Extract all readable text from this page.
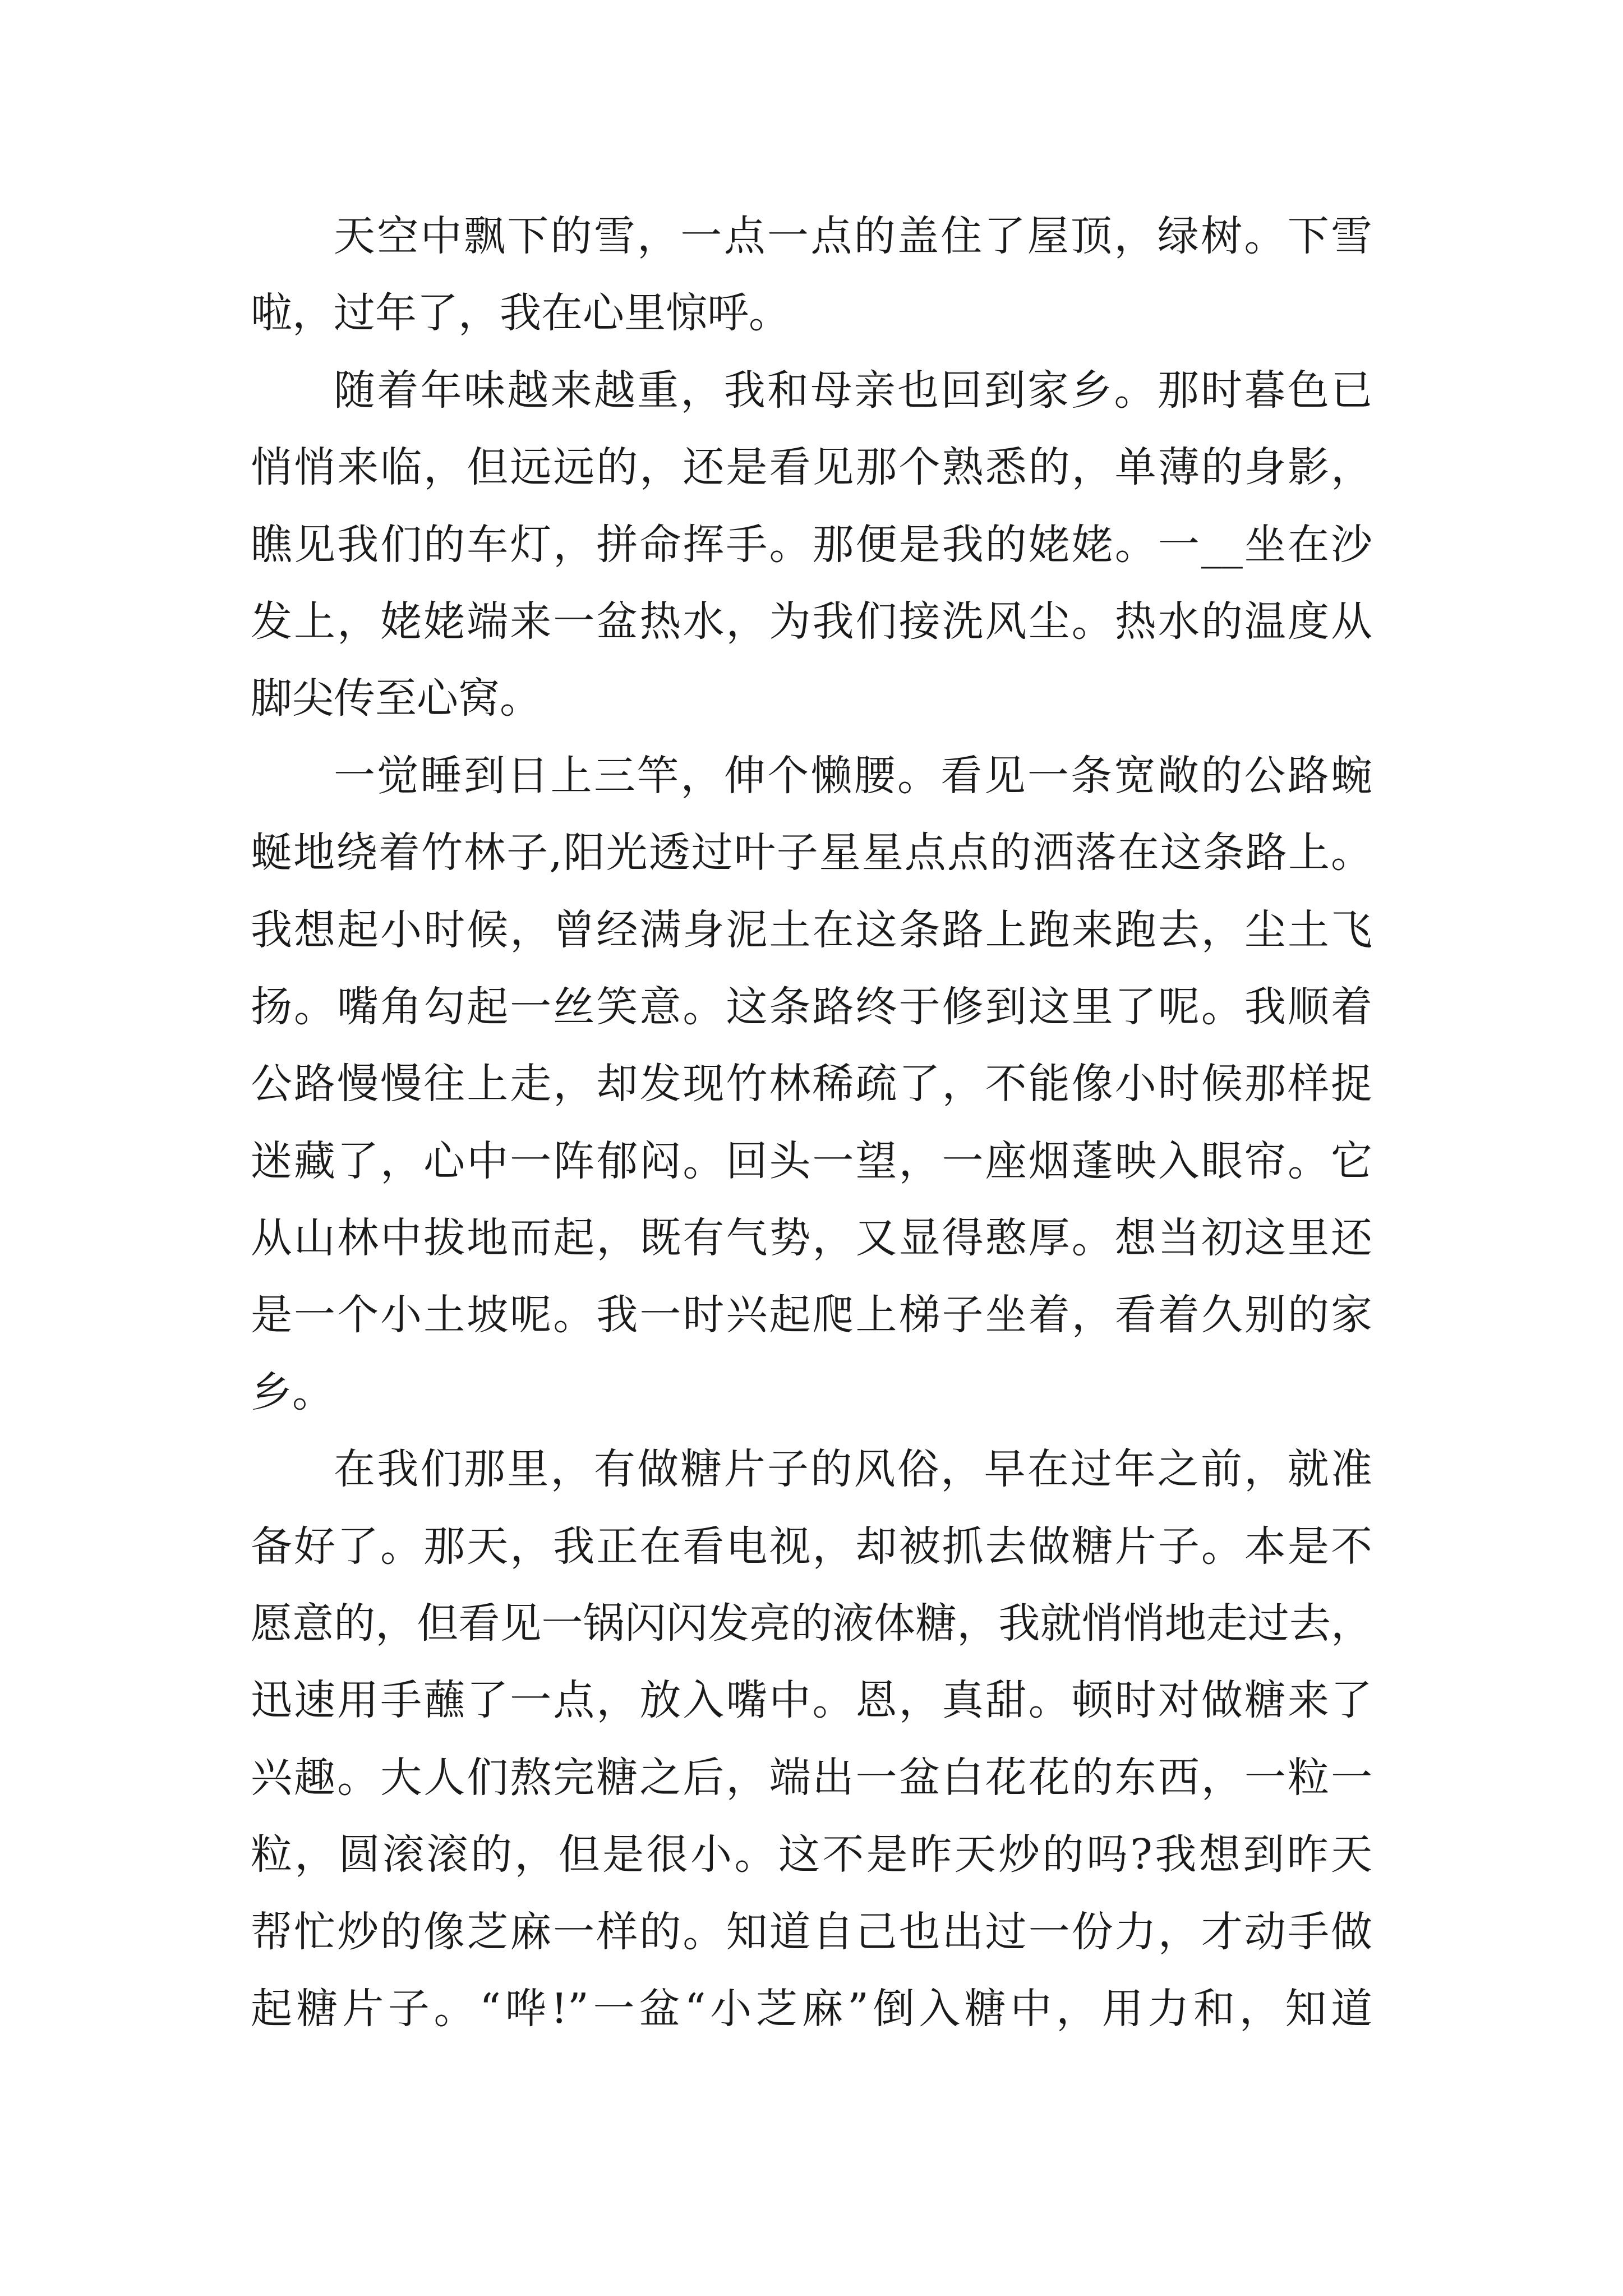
天空中飘下的雪，一点一点的盖住了屋顶，绿树。下雪
啦，过年了，我在心里惊呼。
随着年味越来越重，我和母亲也回到家乡。那时暮色已
悄悄来临，但远远的，还是看见那个熟悉的，单薄的身影，
瞧见我们的车灯，拼命挥手。那便是我的姥姥。一__坐在沙
发上，姥姥端来一盆热水，为我们接洗风尘。热水的温度从
脚尖传至心窝。
一觉睡到日上三竿，伸个懒腰。看见一条宽敞的公路蜿
蜒地绕着竹林子,阳光透过叶子星星点点的洒落在这条路上。
我想起小时候，曾经满身泥土在这条路上跑来跑去，尘土飞
扬。嘴角勾起一丝笑意。这条路终于修到这里了呢。我顺着
公路慢慢往上走，却发现竹林稀疏了，不能像小时候那样捉
迷藏了，心中一阵郁闷。回头一望，一座烟蓬映入眼帘。它
从山林中拔地而起，既有气势，又显得憨厚。想当初这里还
是一个小土坡呢。我一时兴起爬上梯子坐着，看着久别的家
乡。
在我们那里，有做糖片子的风俗，早在过年之前，就准
备好了。那天，我正在看电视，却被抓去做糖片子。本是不
愿意的，但看见一锅闪闪发亮的液体糖，我就悄悄地走过去，
迅速用手蘸了一点，放入嘴中。恩，真甜。顿时对做糖来了
兴趣。大人们熬完糖之后，端出一盆白花花的东西，一粒一
粒，圆滚滚的，但是很小。这不是昨天炒的吗?我想到昨天
帮忙炒的像芝麻一样的。知道自己也出过一份力，才动手做
起糖片子。“哗!”一盆“小芝麻”倒入糖中，用力和，知道
